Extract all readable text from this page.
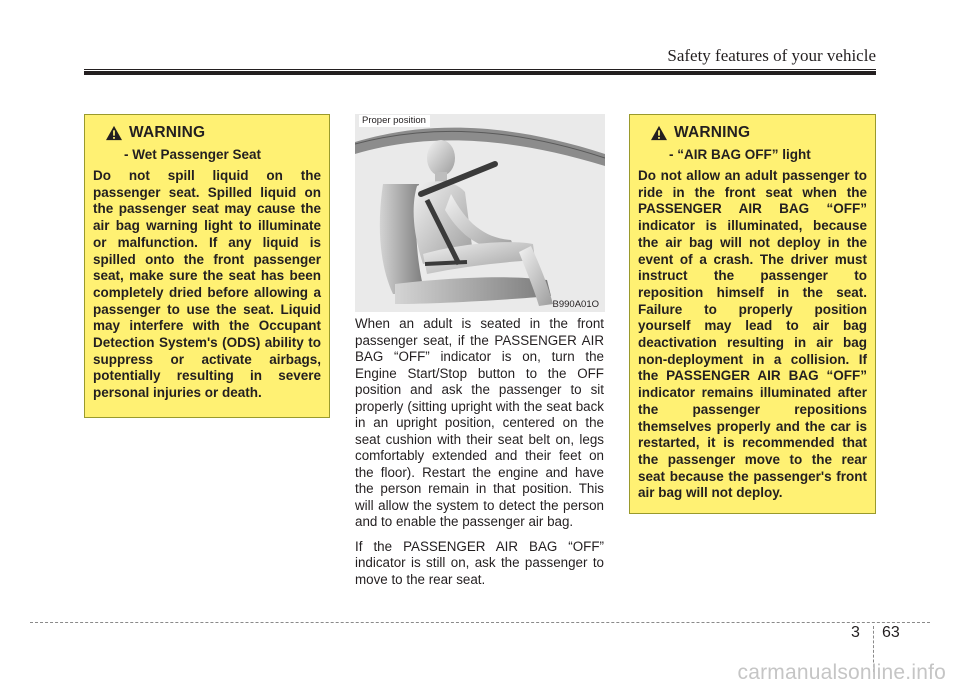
Safety features of your vehicle
WARNING
- Wet Passenger Seat

Do not spill liquid on the passenger seat. Spilled liquid on the passenger seat may cause the air bag warning light to illuminate or malfunction. If any liquid is spilled onto the front passenger seat, make sure the seat has been completely dried before allowing a passenger to use the seat. Liquid may interfere with the Occupant Detection System's (ODS) ability to suppress or activate airbags, potentially resulting in severe personal injuries or death.

Proper position
B990A01O

When an adult is seated in the front passenger seat, if the PASSENGER AIR BAG “OFF” indicator is on, turn the Engine Start/Stop button to the OFF position and ask the passenger to sit properly (sitting upright with the seat back in an upright position, centered on the seat cushion with their seat belt on, legs comfortably extended and their feet on the floor). Restart the engine and have the person remain in that position. This will allow the system to detect the person and to enable the passenger air bag.

If the PASSENGER AIR BAG “OFF” indicator is still on, ask the passenger to move to the rear seat.

WARNING
- “AIR BAG OFF” light

Do not allow an adult passenger to ride in the front seat when the PASSENGER AIR BAG “OFF” indicator is illuminated, because the air bag will not deploy in the event of a crash. The driver must instruct the passenger to reposition himself in the seat. Failure to properly position yourself may lead to air bag deactivation resulting in air bag non-deployment in a collision. If the PASSENGER AIR BAG “OFF” indicator remains illuminated after the passenger repositions themselves properly and the car is restarted, it is recommended that the passenger move to the rear seat because the passenger's front air bag will not deploy.

3 63
carmanualsonline.info
